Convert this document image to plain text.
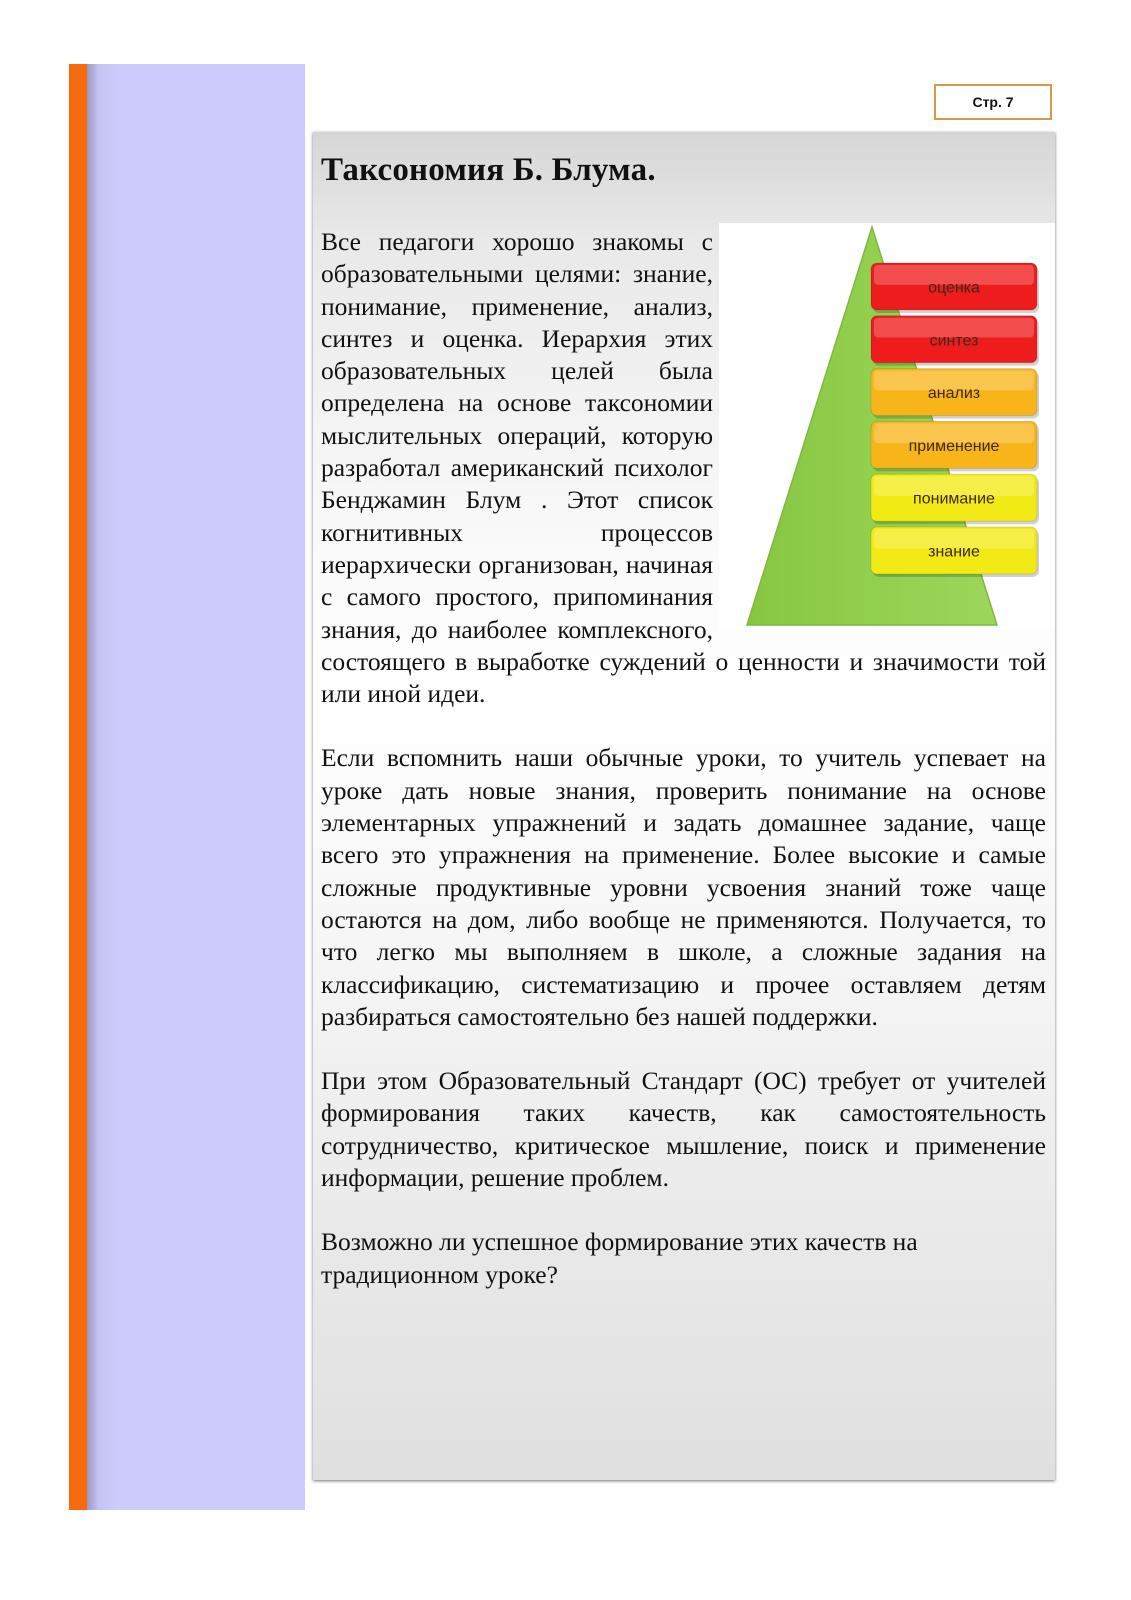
Стр. 7
Таксономия Б. Блума.
оценка
синтез
анализ
применение
понимание
знание

Все педагоги хорошо знакомы с образовательными целями: знание, понимание, применение, анализ, синтез и оценка. Иерархия этих образовательных целей была определена на основе таксономии мыслительных операций, которую разработал американский психолог Бенджамин Блум . Этот список когнитивных процессов иерархически организован, начиная с самого простого, припоминания знания, до наиболее комплексного, состоящего в выработке суждений о ценности и значимости той или иной идеи.

Если вспомнить наши обычные уроки, то учитель успевает на уроке дать новые знания, проверить понимание на основе элементарных упражнений и задать домашнее задание, чаще всего это упражнения на применение. Более высокие и самые сложные продуктивные уровни усвоения знаний тоже чаще остаются на дом, либо вообще не применяются. Получается, то что легко мы выполняем в школе, а сложные задания на классификацию, систематизацию и прочее оставляем детям разбираться самостоятельно без нашей поддержки.

При этом Образовательный Стандарт (ОС) требует от учителей формирования таких качеств, как самостоятельность сотрудничество, критическое мышление, поиск и применение информации, решение проблем.

Возможно ли успешное формирование этих качеств на традиционном уроке?
